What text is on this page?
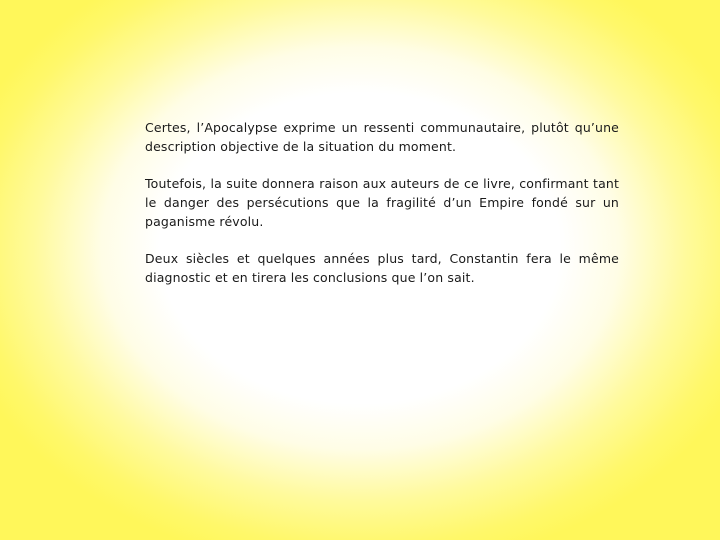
Certes, l’Apocalypse exprime un ressenti communautaire, plutôt qu’une description objective de la situation du moment.

Toutefois, la suite donnera raison aux auteurs de ce livre, confirmant tant le danger des persécutions que la fragilité d’un Empire fondé sur un paganisme révolu.

Deux siècles et quelques années plus tard, Constantin fera le même diagnostic et en tirera les conclusions que l’on sait.
